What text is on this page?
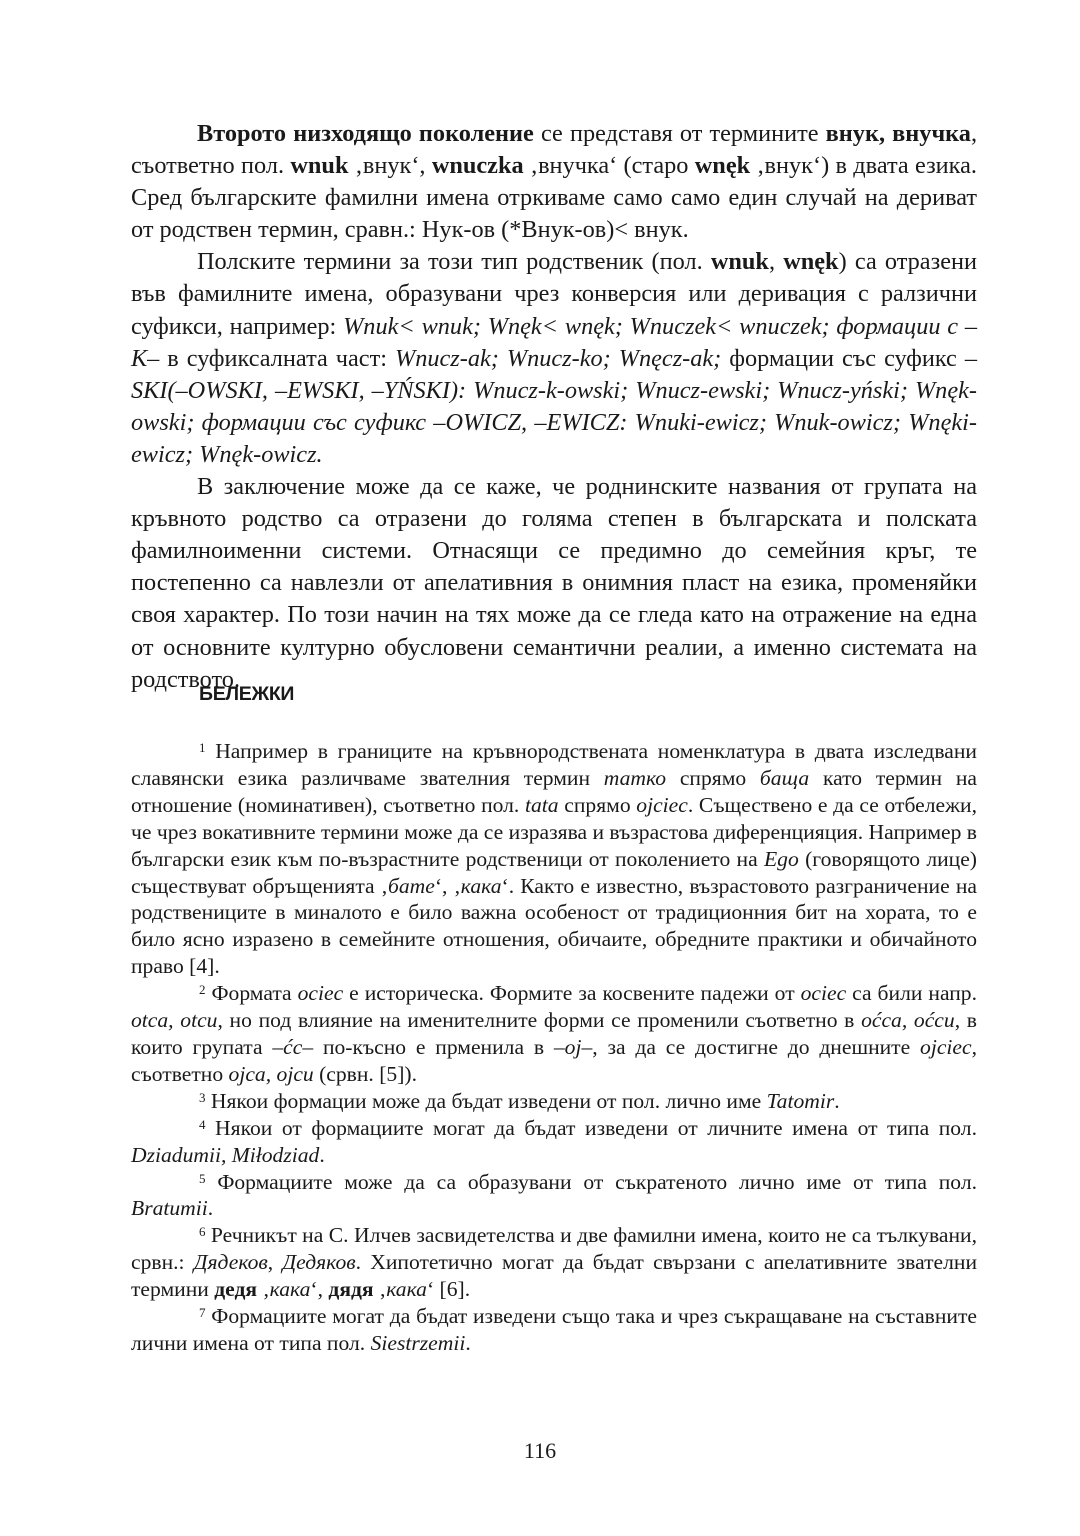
Второто низходящо поколение се представя от термините внук, внучка, съответно пол. wnuk ‚внук‘, wnuczka ‚внучка‘ (старо wnęk ‚внук‘) в двата езика. Сред българските фамилни имена отркиваме само само един случай на дериват от родствен термин, сравн.: Нук-ов (*Внук-ов)< внук.

Полските термини за този тип родственик (пол. wnuk, wnęk) са отразени във фамилните имена, образувани чрез конверсия или деривация с ралзични суфикси, например: Wnuk< wnuk; Wnęk< wnęk; Wnuczek< wnuczek; формации с –К– в суфиксалната част: Wnucz-ak; Wnucz-ko; Wnęcz-ak; формации със суфикс –SKI(–OWSKI, –EWSKI, –YŃSKI): Wnucz-k-owski; Wnucz-ewski; Wnucz-yński; Wnęk-owski; формации със суфикс –OWICZ, –EWICZ: Wnuki-ewicz; Wnuk-owicz; Wnęki-ewicz; Wnęk-owicz.

В заключение може да се каже, че роднинските названия от групата на кръвното родство са отразени до голяма степен в българската и полската фамилноименни системи. Отнасящи се предимно до семейния кръг, те постепенно са навлезли от апелативния в онимния пласт на езика, променяйки своя характер. По този начин на тях може да се гледа като на отражение на една от основните културно обусловени семантични реалии, а именно системата на родството.

БЕЛЕЖКИ

$^1$ Например в границите на кръвнородствената номенклатура в двата изследвани славянски езика различваме звателния термин татко спрямо баща като термин на отношение (номинативен), съответно пол. tata спрямо ojciec. Съществено е да се отбележи, че чрез вокативните термини може да се изразява и възрастова диференцияция. Например в български език към по-възрастните родственици от поколението на Ego (говорящото лице) съществуват обръщенията ‚бате‘, ‚кака‘. Както е известно, възрастовото разграничение на родствениците в миналото е било важна особеност от традиционния бит на хората, то е било ясно изразено в семейните отношения, обичаите, обредните практики и обичайното право [4].

$^2$ Формата ociec е историческа. Формите за косвените падежи от ociec са били напр. otca, otcu, но под влияние на именителните форми се променили съответно в oćca, oćcu, в които групата –ćc– по-късно е прменила в –oj–, за да се достигне до днешните ojciec, съответно ojca, ojcu (срвн. [5]).

$^3$ Някои формации може да бъдат изведени от пол. лично име Tatomir.

$^4$ Някои от формациите могат да бъдат изведени от личните имена от типа пол. Dziadumii, Miłodziad.

$^5$ Формациите може да са образувани от съкратеното лично име от типа пол. Bratumii.

$^6$ Речникът на С. Илчев засвидетелства и две фамилни имена, които не са тълкувани, срвн.: Дядеков, Дедяков. Хипотетично могат да бъдат свързани с апелативните звателни термини дедя ‚кака‘, дядя ‚кака‘ [6].

$^7$ Формациите могат да бъдат изведени също така и чрез съкращаване на съставните лични имена от типа пол. Siestrzemii.

116
